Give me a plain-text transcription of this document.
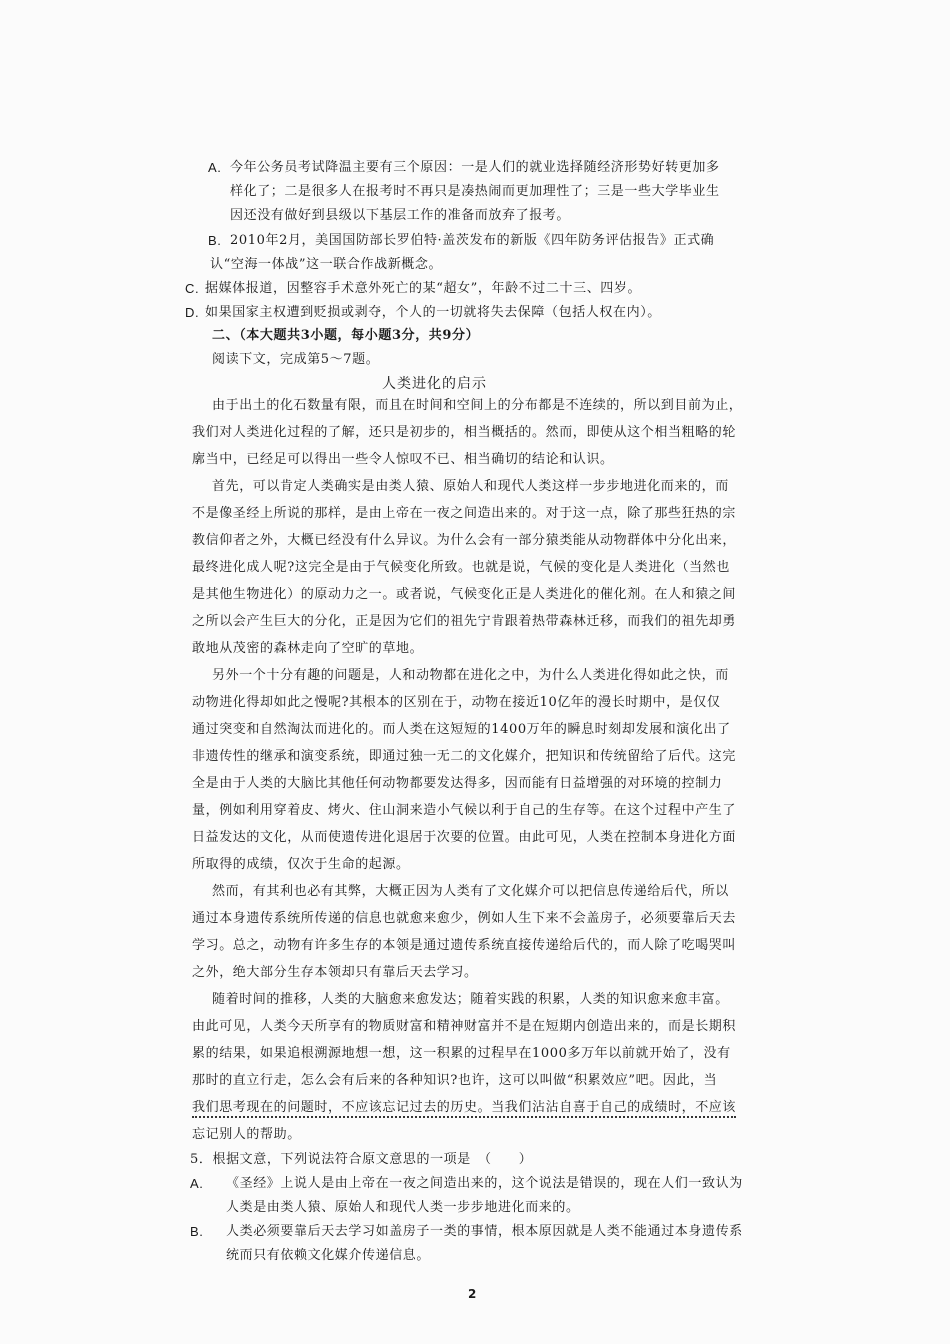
A. 今年公务员考试降温主要有三个原因：一是人们的就业选择随经济形势好转更加多
样化了；二是很多人在报考时不再只是凑热闹而更加理性了；三是一些大学毕业生
因还没有做好到县级以下基层工作的准备而放弃了报考。
B. 2010年2月，美国国防部长罗伯特·盖茨发布的新版《四年防务评估报告》正式确
认“空海一体战”这一联合作战新概念。
C. 据媒体报道，因整容手术意外死亡的某“超女”，年龄不过二十三、四岁。
D. 如果国家主权遭到贬损或剥夺，个人的一切就将失去保障（包括人权在内）。
二、（本大题共3小题，每小题3分，共9分）
阅读下文，完成第5～7题。
人类进化的启示
由于出土的化石数量有限，而且在时间和空间上的分布都是不连续的，所以到目前为止，
我们对人类进化过程的了解，还只是初步的，相当概括的。然而，即使从这个相当粗略的轮
廓当中，已经足可以得出一些令人惊叹不已、相当确切的结论和认识。
首先，可以肯定人类确实是由类人猿、原始人和现代人类这样一步步地进化而来的，而
不是像圣经上所说的那样，是由上帝在一夜之间造出来的。对于这一点，除了那些狂热的宗
教信仰者之外，大概已经没有什么异议。为什么会有一部分猿类能从动物群体中分化出来，
最终进化成人呢?这完全是由于气候变化所致。也就是说，气候的变化是人类进化（当然也
是其他生物进化）的原动力之一。或者说，气候变化正是人类进化的催化剂。在人和猿之间
之所以会产生巨大的分化，正是因为它们的祖先宁肯跟着热带森林迁移，而我们的祖先却勇
敢地从茂密的森林走向了空旷的草地。
另外一个十分有趣的问题是，人和动物都在进化之中，为什么人类进化得如此之快，而
动物进化得却如此之慢呢?其根本的区别在于，动物在接近10亿年的漫长时期中，是仅仅
通过突变和自然淘汰而进化的。而人类在这短短的1400万年的瞬息时刻却发展和演化出了
非遗传性的继承和演变系统，即通过独一无二的文化媒介，把知识和传统留给了后代。这完
全是由于人类的大脑比其他任何动物都要发达得多，因而能有日益增强的对环境的控制力
量，例如利用穿着皮、烤火、住山洞来造小气候以利于自己的生存等。在这个过程中产生了
日益发达的文化，从而使遗传进化退居于次要的位置。由此可见，人类在控制本身进化方面
所取得的成绩，仅次于生命的起源。
然而，有其利也必有其弊，大概正因为人类有了文化媒介可以把信息传递给后代，所以
通过本身遗传系统所传递的信息也就愈来愈少，例如人生下来不会盖房子，必须要靠后天去
学习。总之，动物有许多生存的本领是通过遗传系统直接传递给后代的，而人除了吃喝哭叫
之外，绝大部分生存本领却只有靠后天去学习。
随着时间的推移，人类的大脑愈来愈发达；随着实践的积累，人类的知识愈来愈丰富。
由此可见，人类今天所享有的物质财富和精神财富并不是在短期内创造出来的，而是长期积
累的结果，如果追根溯源地想一想，这一积累的过程早在1000多万年以前就开始了，没有
那时的直立行走，怎么会有后来的各种知识?也许，这可以叫做“积累效应”吧。因此，当
我们思考现在的问题时，不应该忘记过去的历史。当我们沾沾自喜于自己的成绩时，不应该
忘记别人的帮助。
5．根据文意，下列说法符合原文意思的一项是　（　　）
A. 《圣经》上说人是由上帝在一夜之间造出来的，这个说法是错误的，现在人们一致认为
人类是由类人猿、原始人和现代人类一步步地进化而来的。
B. 人类必须要靠后天去学习如盖房子一类的事情，根本原因就是人类不能通过本身遗传系
统而只有依赖文化媒介传递信息。
2
